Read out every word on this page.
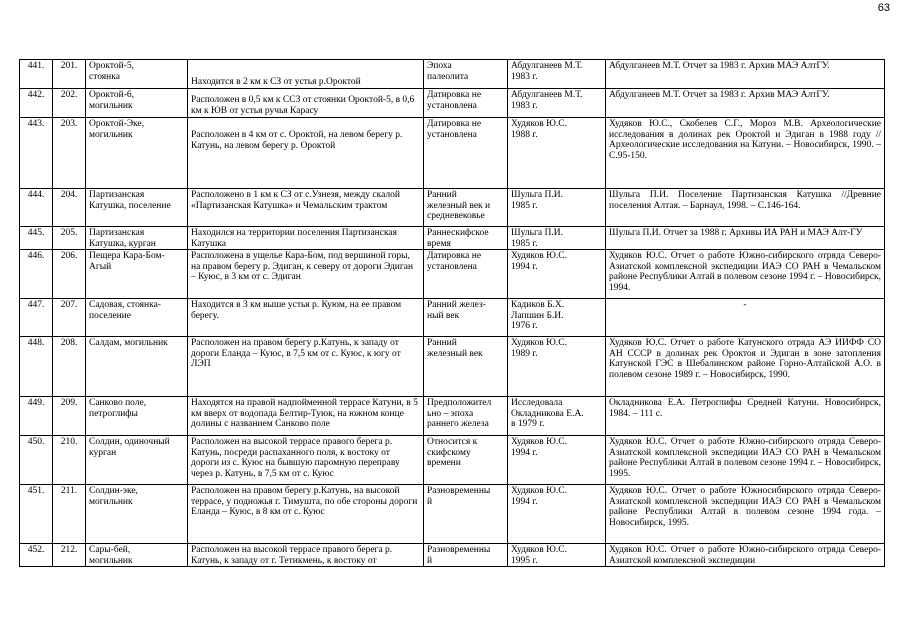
63
441.	201.	Ороктой-5,
стоянка	Находится в 2 км к СЗ от устья р.Ороктой	Эпоха
палеолита	Абдулганеев М.Т.
1983 г.	Абдулганеев М.Т. Отчет за 1983 г. Архив МАЭ АлтГУ.
442.	202.	Ороктой-6,
могильник	Расположен в 0,5 км к ССЗ от стоянки Ороктой-5, в 0,6 км к ЮВ от устья ручья Карасу	Датировка не
установлена	Абдулганеев М.Т.
1983 г.	Абдулганеев М.Т. Отчет за 1983 г. Архив МАЭ АлтГУ.
443.	203.	Ороктой-Эке,
могильник	Расположен в 4 км от с. Ороктой, на левом берегу р. Катунь, на левом берегу р. Ороктой	Датировка не
установлена	Худяков Ю.С.
1988 г.	Худяков Ю.С., Скобелев С.Г., Мороз М.В. Археологические исследования в долинах рек Ороктой и Эдиган в 1988 году // Археологические исследования на Катуни. – Новосибирск, 1990. – С.95-150.
444.	204.	Партизанская
Катушка, поселение	Расположено в 1 км к СЗ от с.Узнезя, между скалой «Партизанская Катушка» и Чемальским трактом	Ранний
железный век и
средневековье	Шульга П.И.
1985 г.	Шульга П.И. Поселение Партизанская Катушка //Древние поселения Алтая. – Барнаул, 1998. – С.146-164.
445.	205.	Партизанская
Катушка, курган	Находился на территории поселения Партизанская Катушка	Раннескифское
время	Шульга П.И.
1985 г.	Шульга П.И. Отчет за 1988 г. Архивы ИА РАН и МАЭ Алт-ГУ
446.	206.	Пещера Кара-Бом-
Агый	Расположена в ущелье Кара-Бом, под вершиной горы, на правом берегу р. Эдиган, к северу от дороги Эдиган – Куюс, в 3 км от с. Эдиган	Датировка не
установлена	Худяков Ю.С.
1994 г.	Худяков Ю.С. Отчет о работе Южно-сибирского отряда Северо-Азиатской комплексной экспедиции ИАЭ СО РАН в Чемальском районе Республики Алтай в полевом сезоне 1994 г. – Новосибирск, 1994.
447.	207.	Садовая, стоянка-
поселение	Находится в 3 км выше устья р. Куюм, на ее правом берегу.	Ранний желез-
ный век	Кадиков Б.Х.
Лапшин Б.И.
1976 г.	-
448.	208.	Салдам, могильник	Расположен на правом берегу р.Катунь, к западу от дороги Еланда – Куюс, в 7,5 км от с. Куюс, к югу от ЛЭП	Ранний
железный век	Худяков Ю.С.
1989 г.	Худяков Ю.С. Отчет о работе Катунского отряда АЭ ИИФФ СО АН СССР в долинах рек Ороктоя и Эдиган в зоне затопления Катунской ГЭС в Шебалинском районе Горно-Алтайской А.О. в полевом сезоне 1989 г. – Новосибирск, 1990.
449.	209.	Санково поле,
петроглифы	Находятся на правой надпойменной террасе Катуни, в 5 км вверх от водопада Белтир-Туюк, на южном конце долины с названием Санково поле	Предположител
ьно – эпоха
раннего железа	Исследовала
Окладникова Е.А.
в 1979 г.	Окладникова Е.А. Петроглифы Средней Катуни. Новосибирск, 1984. – 111 с.
450.	210.	Солдин, одиночный
курган	Расположен на высокой террасе правого берега р. Катунь, посреди распаханного поля, к востоку от дороги из с. Куюс на бывшую паромную переправу через р. Катунь, в 7,5 км от с. Куюс	Относится к
скифскому
времени	Худяков Ю.С.
1994 г.	Худяков Ю.С. Отчет о работе Южно-сибирского отряда Северо-Азиатской комплексной экспедиции ИАЭ СО РАН в Чемальском районе Республики Алтай в полевом сезоне 1994 г. – Новосибирск, 1995.
451.	211.	Солдин-эке,
могильник	Расположен на правом берегу р.Катунь, на высокой террасе, у подножья г. Тимушта, по обе стороны дороги Еланда – Куюс, в 8 км от с. Куюс	Разновременны
й	Худяков Ю.С.
1994 г.	Худяков Ю.С. Отчет о работе Южносибирского отряда Северо-Азиатской комплексной экспедиции ИАЭ СО РАН в Чемальском районе Республики Алтай в полевом сезоне 1994 года. – Новосибирск, 1995.
452.	212.	Сары-бей,
могильник	Расположен на высокой террасе правого берега р. Катунь, к западу от г. Тетикмень, к востоку от	Разновременны
й	Худяков Ю.С.
1995 г.	Худяков Ю.С. Отчет о работе Южно-сибирского отряда Северо-Азиатской комплексной экспедиции
